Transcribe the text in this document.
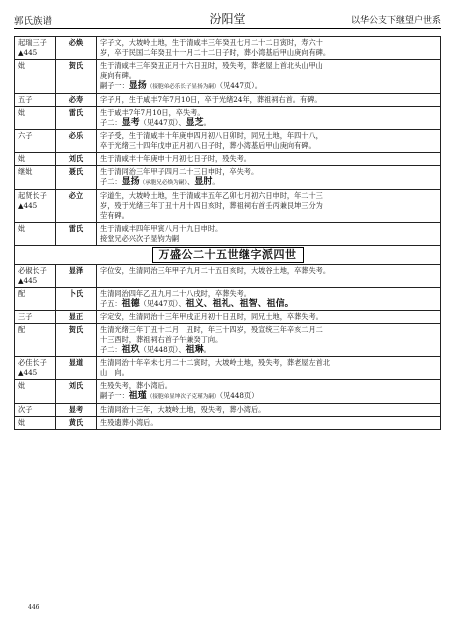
郭氏族谱	汾阳堂	以华公支下继望户世系
起瑞三子
▲445	必焕	字子文，大坡岭土地，生于清咸丰三年癸丑七月二十二日寅时，寿六十
岁，卒于民国二年癸丑十一月二十二日子时，葬小湾基后甲山庚向有碑。

妣	贺氏	生于清咸丰三年癸丑正月十六日丑时，殁失考，葬老屋上首北头山甲山
庚向有碑。
嗣子一：显扬（接胞弟必乐长子显扬为嗣）（见447页）。

五子	必寿	字子月，生于咸丰7年7月10日，卒于光绪24年，葬祖祠右首。有碑。

妣	雷氏	生于咸丰7年7月10日，卒失考。
子二：显考（见447页）、显芝。

六子	必乐	字子受，生于清咸丰十年庚申四月初八日卯时，同兄土地，年四十八，
卒于光绪三十四年戊申正月初八日子时，葬小湾基后甲山庚向有碑。

妣	刘氏	生于清咸丰十年庚申十月初七日子时，殁失考。

继妣	聂氏	生于清同治三年甲子四月二十三日申时，卒失考。
子二：显扬（承胞兄必焕为嗣）、显肘。

起贤长子
▲445	必立	字道生，大坡岭土地，生于清咸丰五年乙卯七月初六日申时，年二十三
岁，殁于光绪三年丁丑十月十四日亥时，葬祖祠右首壬丙兼艮坤三分为
茔有碑。

妣	雷氏	生于清咸丰四年甲寅八月十九日申时。
接堂兄必兴次子显钧为嗣

万盛公二十五世继字派四世		

必俶长子
▲445	显泽	字位安，生清同治三年甲子九月二十五日亥时，大坡谷土地，卒葬失考。

配	卜氏	生清同治四年乙丑九月二十八戌时，卒葬失考。
子五：祖德（见447页）、祖义、祖礼、祖智、祖信。

三子	显正	字定安，生清同治十三年甲戌正月初十日丑时，同兄土地，卒葬失考。

配	贺氏	生清光绪三年丁丑十二月　丑时，年三十四岁，殁宣统三年辛亥二月二
十三酉时，葬祖祠右首子午兼癸丁向。
子二：祖玖（见448页）、祖琳。

必佳长子
▲445	显道	生清同治十年辛未七月二十二寅时，大坡岭土地，殁失考，葬老屋左首北
山　向。

妣	刘氏	生殁失考，葬小湾后。
嗣子一：祖瑾（接胞弟显坤次子克瑾为嗣）（见448页）

次子	显考	生清同治十三年，大坡岭土地，殁失考，葬小湾后。

妣	黄氏	生殁遗葬小湾后。
446
